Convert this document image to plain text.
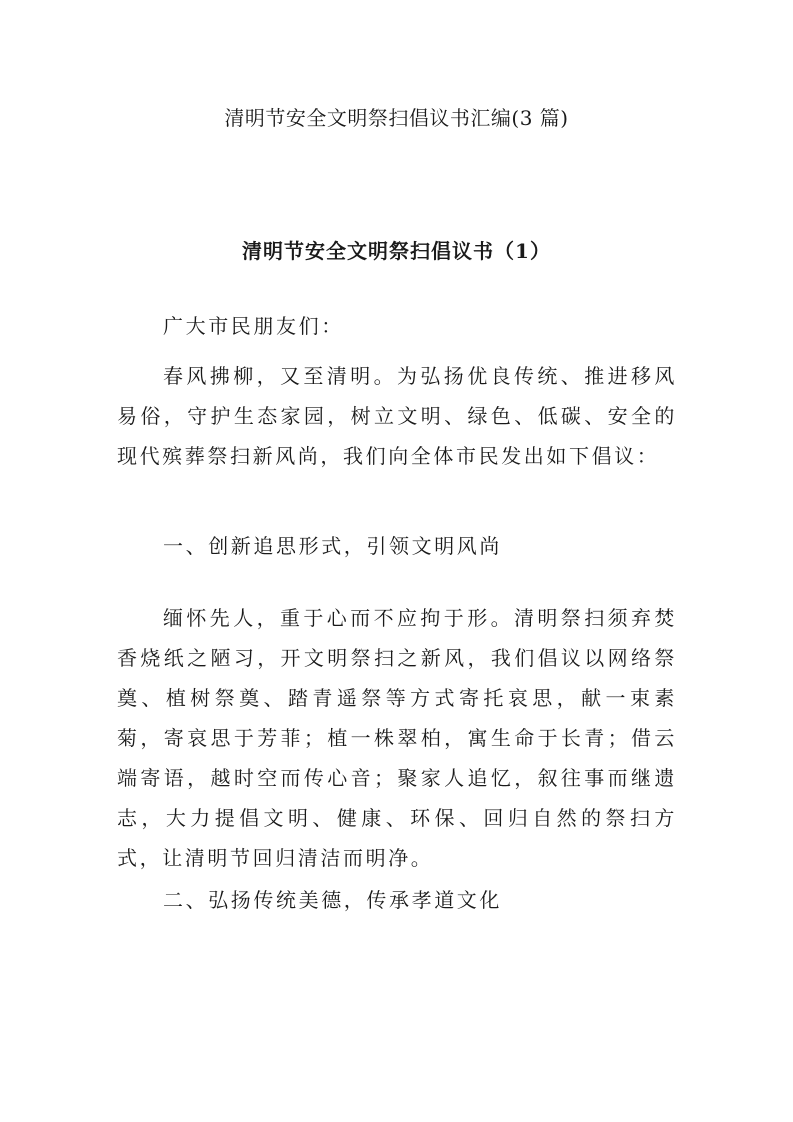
清明节安全文明祭扫倡议书汇编(3 篇)
清明节安全文明祭扫倡议书（1）
广大市民朋友们：
春风拂柳，又至清明。为弘扬优良传统、推进移风易俗，守护生态家园，树立文明、绿色、低碳、安全的现代殡葬祭扫新风尚，我们向全体市民发出如下倡议：
一、创新追思形式，引领文明风尚
缅怀先人，重于心而不应拘于形。清明祭扫须弃焚香烧纸之陋习，开文明祭扫之新风，我们倡议以网络祭奠、植树祭奠、踏青遥祭等方式寄托哀思，献一束素菊，寄哀思于芳菲；植一株翠柏，寓生命于长青；借云端寄语，越时空而传心音；聚家人追忆，叙往事而继遗志，大力提倡文明、健康、环保、回归自然的祭扫方式，让清明节回归清洁而明净。
二、弘扬传统美德，传承孝道文化
